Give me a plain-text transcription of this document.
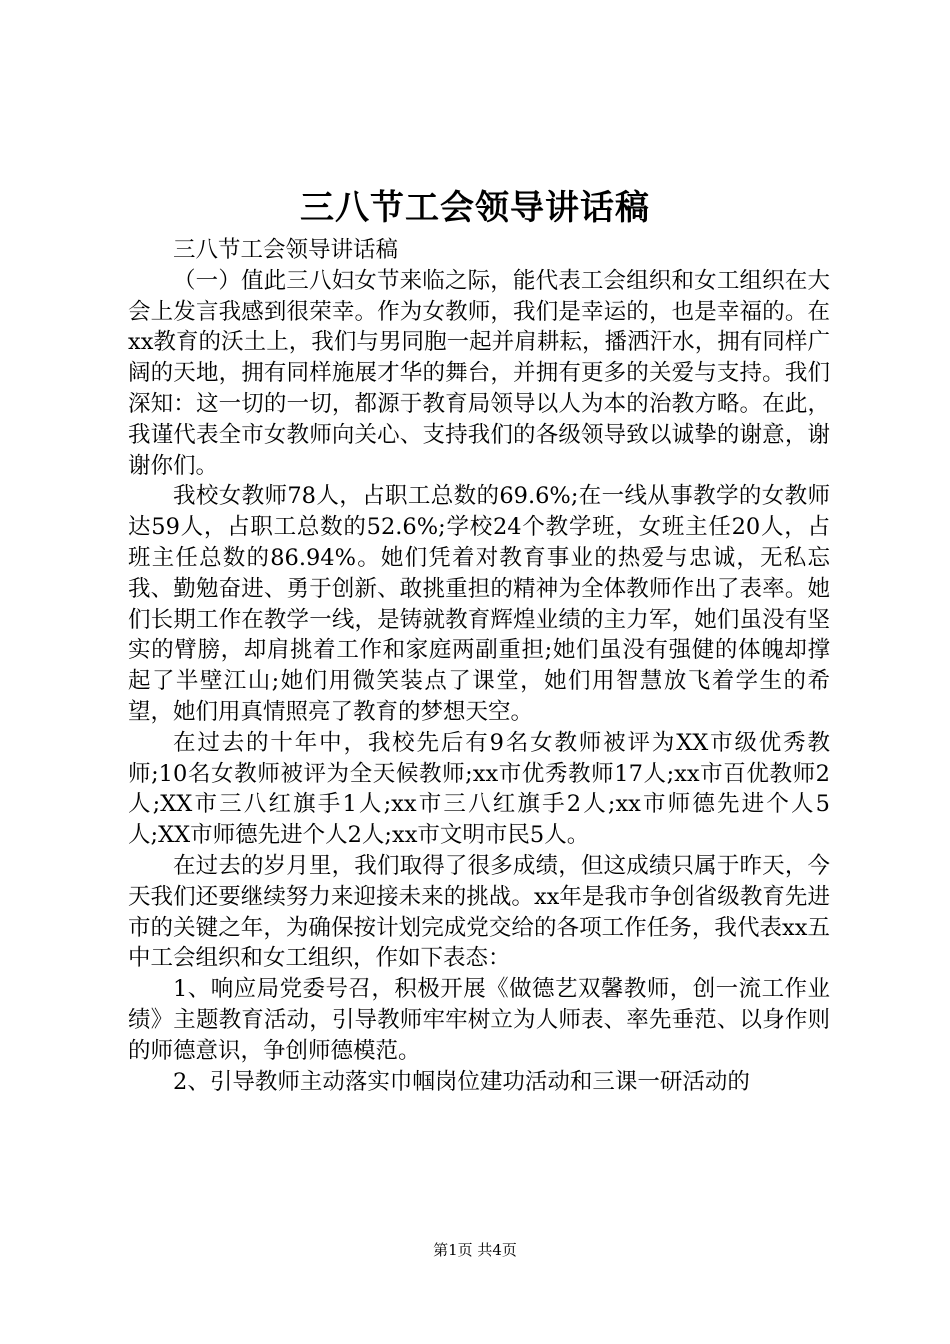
三八节工会领导讲话稿

三八节工会领导讲话稿

（一）值此三八妇女节来临之际，能代表工会组织和女工组织在大会上发言我感到很荣幸。作为女教师，我们是幸运的，也是幸福的。在xx教育的沃土上，我们与男同胞一起并肩耕耘，播洒汗水，拥有同样广阔的天地，拥有同样施展才华的舞台，并拥有更多的关爱与支持。我们深知：这一切的一切，都源于教育局领导以人为本的治教方略。在此，我谨代表全市女教师向关心、支持我们的各级领导致以诚挚的谢意，谢谢你们。

我校女教师78人，占职工总数的69.6%;在一线从事教学的女教师达59人，占职工总数的52.6%;学校24个教学班，女班主任20人，占班主任总数的86.94%。她们凭着对教育事业的热爱与忠诚，无私忘我、勤勉奋进、勇于创新、敢挑重担的精神为全体教师作出了表率。她们长期工作在教学一线，是铸就教育辉煌业绩的主力军，她们虽没有坚实的臂膀，却肩挑着工作和家庭两副重担;她们虽没有强健的体魄却撑起了半壁江山;她们用微笑装点了课堂，她们用智慧放飞着学生的希望，她们用真情照亮了教育的梦想天空。

在过去的十年中，我校先后有9名女教师被评为XX市级优秀教师;10名女教师被评为全天候教师;xx市优秀教师17人;xx市百优教师2人;XX市三八红旗手1人;xx市三八红旗手2人;xx市师德先进个人5人;XX市师德先进个人2人;xx市文明市民5人。

在过去的岁月里，我们取得了很多成绩，但这成绩只属于昨天，今天我们还要继续努力来迎接未来的挑战。xx年是我市争创省级教育先进市的关键之年，为确保按计划完成党交给的各项工作任务，我代表xx五中工会组织和女工组织，作如下表态：

1、响应局党委号召，积极开展《做德艺双馨教师，创一流工作业绩》主题教育活动，引导教师牢牢树立为人师表、率先垂范、以身作则的师德意识，争创师德模范。

2、引导教师主动落实巾帼岗位建功活动和三课一研活动的

第1页 共4页
